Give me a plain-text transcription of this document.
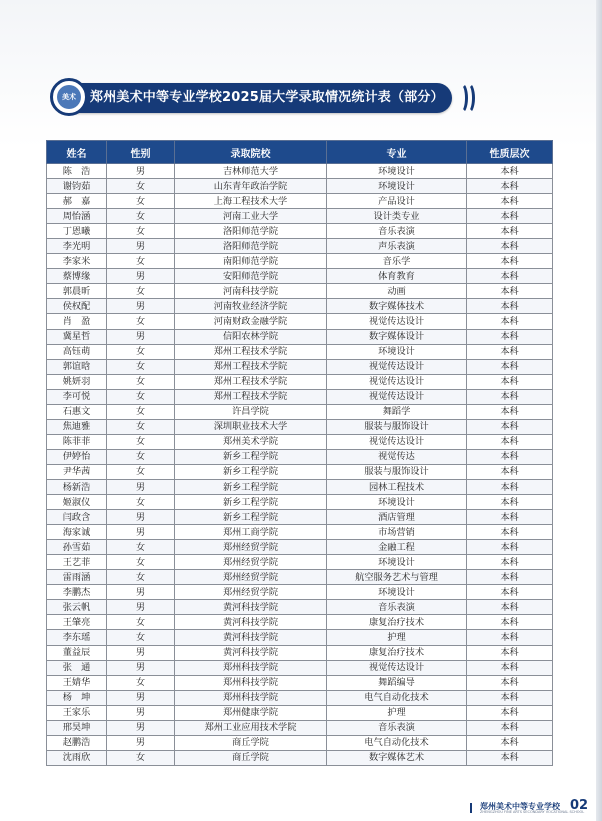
郑州美术中等专业学校2025届大学录取情况统计表（部分）
美术
姓名	性别	录取院校	专业	性质层次
陈　浩	男	吉林师范大学	环境设计	本科
谢钧茹	女	山东青年政治学院	环境设计	本科
郝　嘉	女	上海工程技术大学	产品设计	本科
周怡涵	女	河南工业大学	设计类专业	本科
丁恩曦	女	洛阳师范学院	音乐表演	本科
李光明	男	洛阳师范学院	声乐表演	本科
李家米	女	南阳师范学院	音乐学	本科
蔡博缘	男	安阳师范学院	体育教育	本科
郭晨昕	女	河南科技学院	动画	本科
侯权配	男	河南牧业经济学院	数字媒体技术	本科
肖　盈	女	河南财政金融学院	视觉传达设计	本科
冀星哲	男	信阳农林学院	数字媒体设计	本科
高钰萌	女	郑州工程技术学院	环境设计	本科
郭谊晗	女	郑州工程技术学院	视觉传达设计	本科
姚妍羽	女	郑州工程技术学院	视觉传达设计	本科
李可悦	女	郑州工程技术学院	视觉传达设计	本科
石惠文	女	许昌学院	舞蹈学	本科
焦迪雅	女	深圳职业技术大学	服装与服饰设计	本科
陈菲菲	女	郑州美术学院	视觉传达设计	本科
伊婷怡	女	新乡工程学院	视觉传达	本科
尹华茜	女	新乡工程学院	服装与服饰设计	本科
杨新浩	男	新乡工程学院	园林工程技术	本科
姬淑仪	女	新乡工程学院	环境设计	本科
闫政含	男	新乡工程学院	酒店管理	本科
海家诚	男	郑州工商学院	市场营销	本科
孙雪茹	女	郑州经贸学院	金融工程	本科
王艺菲	女	郑州经贸学院	环境设计	本科
雷雨涵	女	郑州经贸学院	航空服务艺术与管理	本科
李鹏杰	男	郑州经贸学院	环境设计	本科
张云帆	男	黄河科技学院	音乐表演	本科
王肇亮	女	黄河科技学院	康复治疗技术	本科
李东瑶	女	黄河科技学院	护理	本科
董益辰	男	黄河科技学院	康复治疗技术	本科
张　通	男	郑州科技学院	视觉传达设计	本科
王婧华	女	郑州科技学院	舞蹈编导	本科
杨　坤	男	郑州科技学院	电气自动化技术	本科
王家乐	男	郑州健康学院	护理	本科
邢昊坤	男	郑州工业应用技术学院	音乐表演	本科
赵鹏浩	男	商丘学院	电气自动化技术	本科
沈雨欣	女	商丘学院	数字媒体艺术	本科
郑州美术中等专业学校
ZHENGZHOU FINE ARTS SECONDARY VOCATIONAL SCHOOL
02
